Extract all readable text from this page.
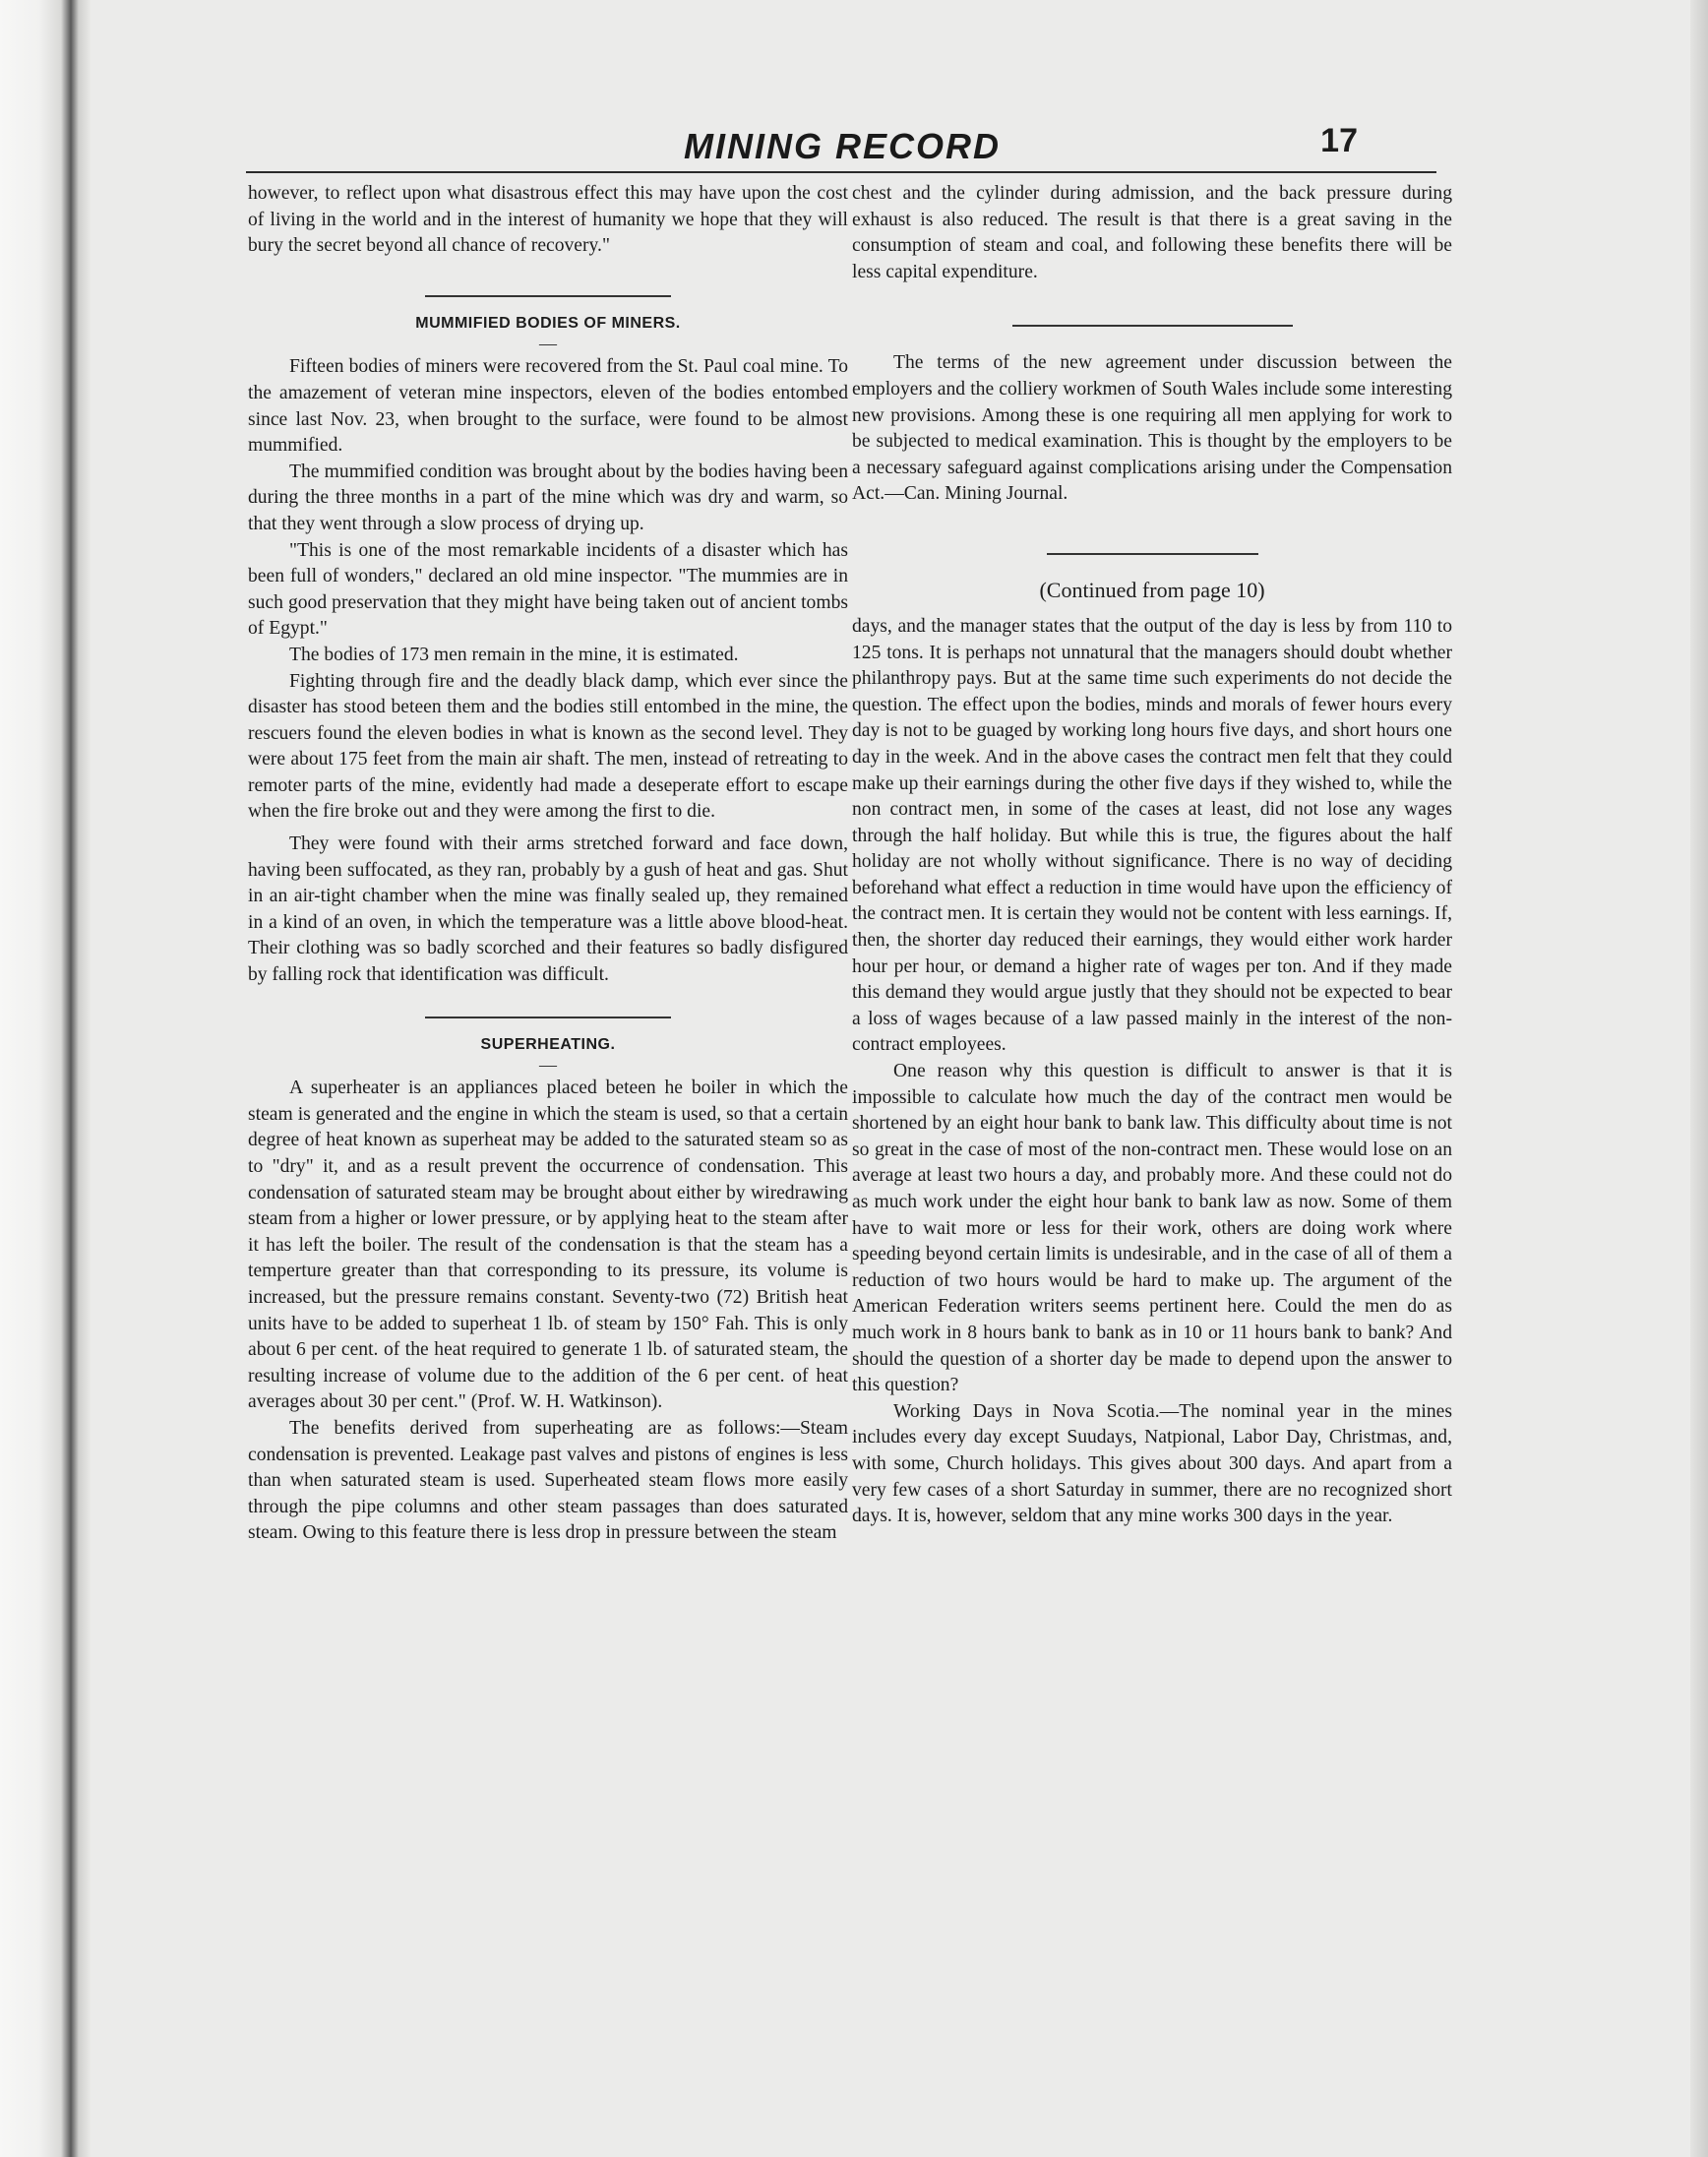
MINING RECORD	17

however, to reflect upon what disastrous effect this may have upon the cost of living in the world and in the interest of humanity we hope that they will bury the secret beyond all chance of recovery."

MUMMIFIED BODIES OF MINERS.
—

Fifteen bodies of miners were recovered from the St. Paul coal mine. To the amazement of veteran mine inspectors, eleven of the bodies entombed since last Nov. 23, when brought to the surface, were found to be almost mummified.

The mummified condition was brought about by the bodies having been during the three months in a part of the mine which was dry and warm, so that they went through a slow process of drying up.

"This is one of the most remarkable incidents of a disaster which has been full of wonders," declared an old mine inspector. "The mummies are in such good preservation that they might have being taken out of ancient tombs of Egypt."

The bodies of 173 men remain in the mine, it is estimated.

Fighting through fire and the deadly black damp, which ever since the disaster has stood beteen them and the bodies still entombed in the mine, the rescuers found the eleven bodies in what is known as the second level. They were about 175 feet from the main air shaft. The men, instead of retreating to remoter parts of the mine, evidently had made a deseperate effort to escape when the fire broke out and they were among the first to die.

They were found with their arms stretched forward and face down, having been suffocated, as they ran, probably by a gush of heat and gas. Shut in an air-tight chamber when the mine was finally sealed up, they remained in a kind of an oven, in which the temperature was a little above blood-heat. Their clothing was so badly scorched and their features so badly disfigured by falling rock that identification was difficult.

SUPERHEATING.
—

A superheater is an appliances placed beteen he boiler in which the steam is generated and the engine in which the steam is used, so that a certain degree of heat known as superheat may be added to the saturated steam so as to "dry" it, and as a result prevent the occurrence of condensation. This condensation of saturated steam may be brought about either by wiredrawing steam from a higher or lower pressure, or by applying heat to the steam after it has left the boiler. The result of the condensation is that the steam has a temperture greater than that corresponding to its pressure, its volume is increased, but the pressure remains constant. Seventy-two (72) British heat units have to be added to superheat 1 lb. of steam by 150° Fah. This is only about 6 per cent. of the heat required to generate 1 lb. of saturated steam, the resulting increase of volume due to the addition of the 6 per cent. of heat averages about 30 per cent." (Prof. W. H. Watkinson).

The benefits derived from superheating are as follows:—Steam condensation is prevented. Leakage past valves and pistons of engines is less than when saturated steam is used. Superheated steam flows more easily through the pipe columns and other steam passages than does saturated steam. Owing to this feature there is less drop in pressure between the steam

chest and the cylinder during admission, and the back pressure during exhaust is also reduced. The result is that there is a great saving in the consumption of steam and coal, and following these benefits there will be less capital expenditure.

The terms of the new agreement under discussion between the employers and the colliery workmen of South Wales include some interesting new provisions. Among these is one requiring all men applying for work to be subjected to medical examination. This is thought by the employers to be a necessary safeguard against complications arising under the Compensation Act.—Can. Mining Journal.

(Continued from page 10)

days, and the manager states that the output of the day is less by from 110 to 125 tons. It is perhaps not unnatural that the managers should doubt whether philanthropy pays. But at the same time such experiments do not decide the question. The effect upon the bodies, minds and morals of fewer hours every day is not to be guaged by working long hours five days, and short hours one day in the week. And in the above cases the contract men felt that they could make up their earnings during the other five days if they wished to, while the non contract men, in some of the cases at least, did not lose any wages through the half holiday. But while this is true, the figures about the half holiday are not wholly without significance. There is no way of deciding beforehand what effect a reduction in time would have upon the efficiency of the contract men. It is certain they would not be content with less earnings. If, then, the shorter day reduced their earnings, they would either work harder hour per hour, or demand a higher rate of wages per ton. And if they made this demand they would argue justly that they should not be expected to bear a loss of wages because of a law passed mainly in the interest of the non-contract employees.

One reason why this question is difficult to answer is that it is impossible to calculate how much the day of the contract men would be shortened by an eight hour bank to bank law. This difficulty about time is not so great in the case of most of the non-contract men. These would lose on an average at least two hours a day, and probably more. And these could not do as much work under the eight hour bank to bank law as now. Some of them have to wait more or less for their work, others are doing work where speeding beyond certain limits is undesirable, and in the case of all of them a reduction of two hours would be hard to make up. The argument of the American Federation writers seems pertinent here. Could the men do as much work in 8 hours bank to bank as in 10 or 11 hours bank to bank? And should the question of a shorter day be made to depend upon the answer to this question?

Working Days in Nova Scotia.—The nominal year in the mines includes every day except Suudays, Natpional, Labor Day, Christmas, and, with some, Church holidays. This gives about 300 days. And apart from a very few cases of a short Saturday in summer, there are no recognized short days. It is, however, seldom that any mine works 300 days in the year.
